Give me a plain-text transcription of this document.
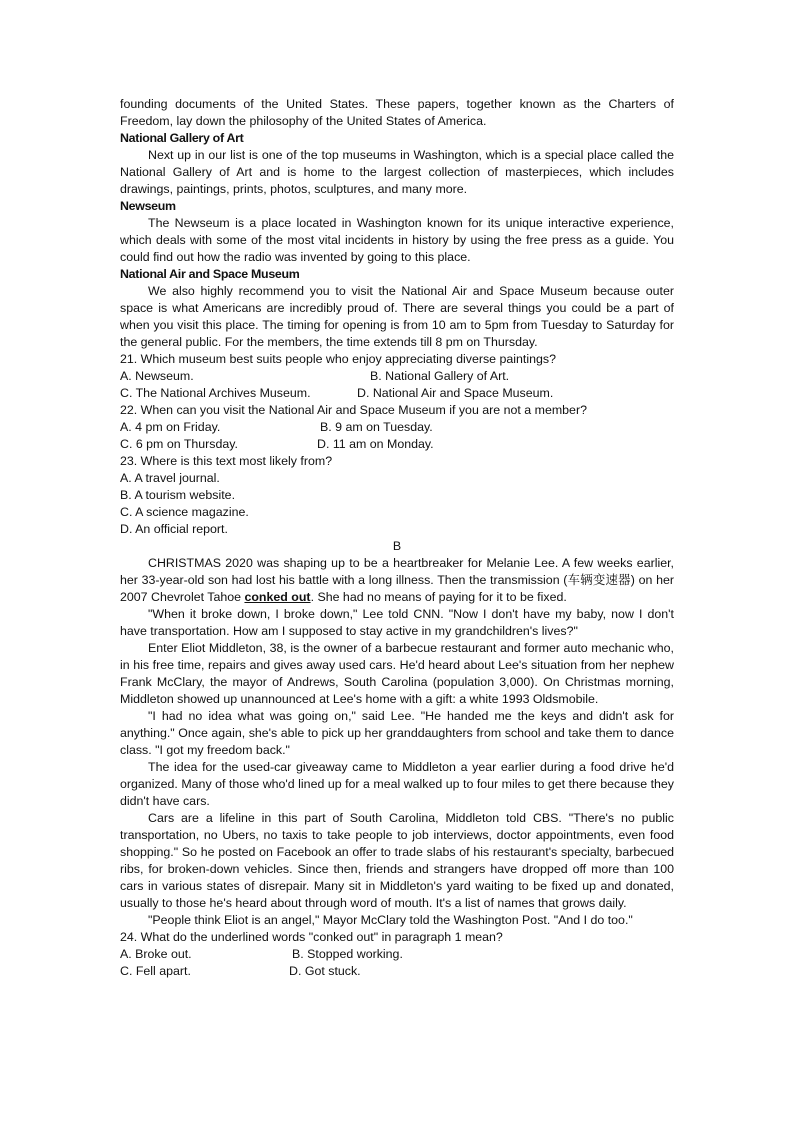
founding documents of the United States. These papers, together known as the Charters of Freedom, lay down the philosophy of the United States of America.

National Gallery of Art

Next up in our list is one of the top museums in Washington, which is a special place called the National Gallery of Art and is home to the largest collection of masterpieces, which includes drawings, paintings, prints, photos, sculptures, and many more.

Newseum

The Newseum is a place located in Washington known for its unique interactive experience, which deals with some of the most vital incidents in history by using the free press as a guide. You could find out how the radio was invented by going to this place.

National Air and Space Museum

We also highly recommend you to visit the National Air and Space Museum because outer space is what Americans are incredibly proud of. There are several things you could be a part of when you visit this place. The timing for opening is from 10 am to 5pm from Tuesday to Saturday for the general public. For the members, the time extends till 8 pm on Thursday.

21. Which museum best suits people who enjoy appreciating diverse paintings?

A. Newseum.	B. National Gallery of Art.
C. The National Archives Museum.	D. National Air and Space Museum.

22. When can you visit the National Air and Space Museum if you are not a member?

A. 4 pm on Friday.	B. 9 am on Tuesday.
C. 6 pm on Thursday.	D. 11 am on Monday.

23. Where is this text most likely from?

A. A travel journal.

B. A tourism website.

C. A science magazine.

D. An official report.

B

CHRISTMAS 2020 was shaping up to be a heartbreaker for Melanie Lee. A few weeks earlier, her 33-year-old son had lost his battle with a long illness. Then the transmission (车辆变速器) on her 2007 Chevrolet Tahoe conked out. She had no means of paying for it to be fixed.

"When it broke down, I broke down," Lee told CNN. "Now I don't have my baby, now I don't have transportation. How am I supposed to stay active in my grandchildren's lives?"

Enter Eliot Middleton, 38, is the owner of a barbecue restaurant and former auto mechanic who, in his free time, repairs and gives away used cars. He'd heard about Lee's situation from her nephew Frank McClary, the mayor of Andrews, South Carolina (population 3,000). On Christmas morning, Middleton showed up unannounced at Lee's home with a gift: a white 1993 Oldsmobile.

"I had no idea what was going on," said Lee. "He handed me the keys and didn't ask for anything." Once again, she's able to pick up her granddaughters from school and take them to dance class. "I got my freedom back."

The idea for the used-car giveaway came to Middleton a year earlier during a food drive he'd organized. Many of those who'd lined up for a meal walked up to four miles to get there because they didn't have cars.

Cars are a lifeline in this part of South Carolina, Middleton told CBS. "There's no public transportation, no Ubers, no taxis to take people to job interviews, doctor appointments, even food shopping." So he posted on Facebook an offer to trade slabs of his restaurant's specialty, barbecued ribs, for broken-down vehicles. Since then, friends and strangers have dropped off more than 100 cars in various states of disrepair. Many sit in Middleton's yard waiting to be fixed up and donated, usually to those he's heard about through word of mouth. It's a list of names that grows daily.

"People think Eliot is an angel," Mayor McClary told the Washington Post. "And I do too."

24. What do the underlined words "conked out" in paragraph 1 mean?

A. Broke out.	B. Stopped working.
C. Fell apart.	D. Got stuck.
